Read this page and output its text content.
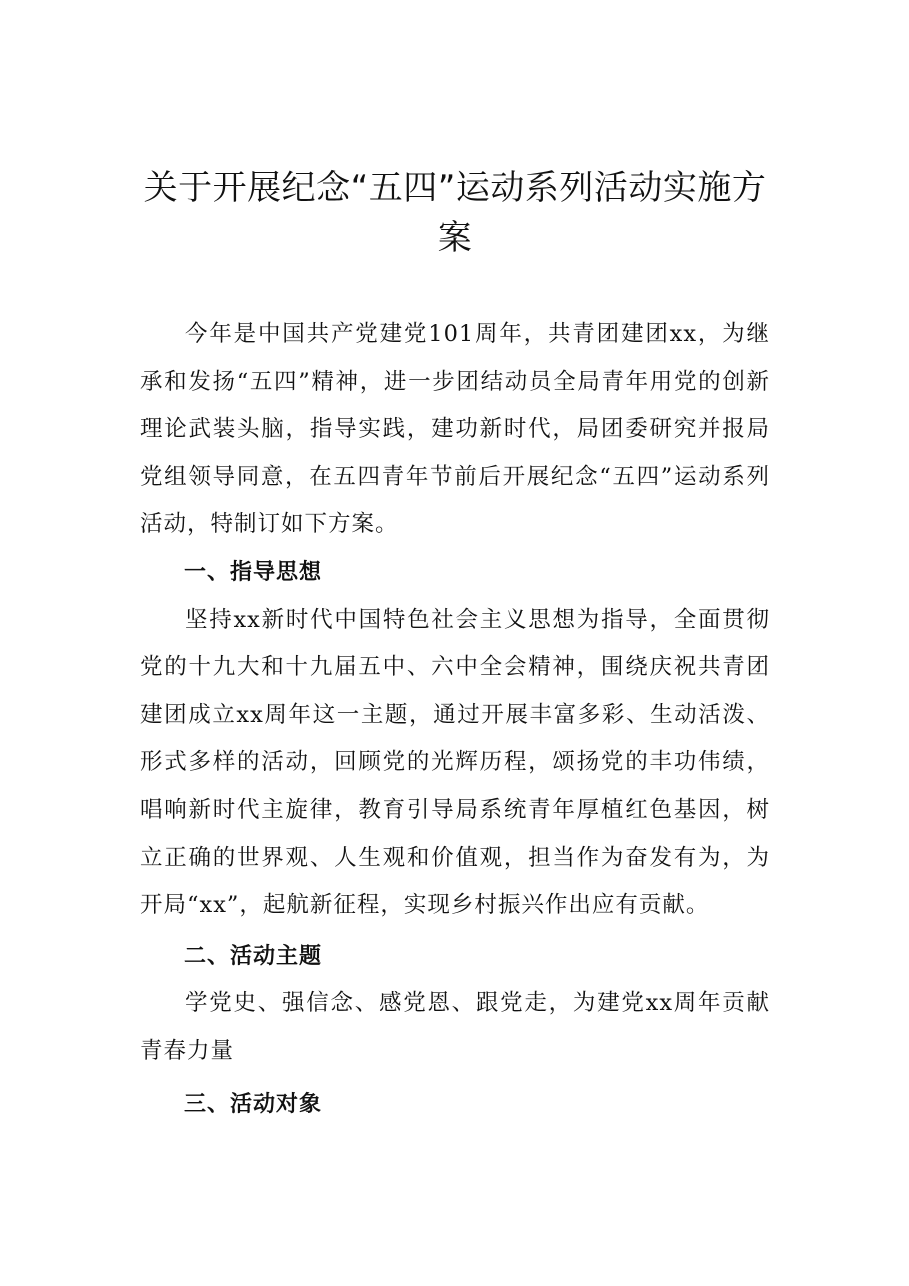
关于开展纪念“五四”运动系列活动实施方案

今年是中国共产党建党101周年，共青团建团xx，为继承和发扬“五四”精神，进一步团结动员全局青年用党的创新理论武装头脑，指导实践，建功新时代，局团委研究并报局党组领导同意，在五四青年节前后开展纪念“五四”运动系列活动，特制订如下方案。

一、指导思想

坚持xx新时代中国特色社会主义思想为指导，全面贯彻党的十九大和十九届五中、六中全会精神，围绕庆祝共青团建团成立xx周年这一主题，通过开展丰富多彩、生动活泼、形式多样的活动，回顾党的光辉历程，颂扬党的丰功伟绩，唱响新时代主旋律，教育引导局系统青年厚植红色基因，树立正确的世界观、人生观和价值观，担当作为奋发有为，为开局“xx”，起航新征程，实现乡村振兴作出应有贡献。

二、活动主题

学党史、强信念、感党恩、跟党走，为建党xx周年贡献青春力量

三、活动对象
